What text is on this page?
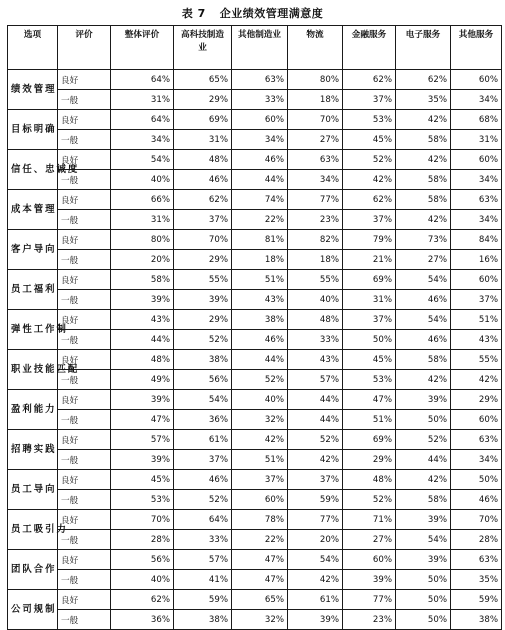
表 7 企业绩效管理满意度
选项	评价	整体评价	高科技制造业	其他制造业	物流	金融服务	电子服务	其他服务
绩效管理	良好	64%	65%	63%	80%	62%	62%	60%
	一般	31%	29%	33%	18%	37%	35%	34%
目标明确	良好	64%	69%	60%	70%	53%	42%	68%
	一般	34%	31%	34%	27%	45%	58%	31%
信任、忠诚度	良好	54%	48%	46%	63%	52%	42%	60%
	一般	40%	46%	44%	34%	42%	58%	34%
成本管理	良好	66%	62%	74%	77%	62%	58%	63%
	一般	31%	37%	22%	23%	37%	42%	34%
客户导向	良好	80%	70%	81%	82%	79%	73%	84%
	一般	20%	29%	18%	18%	21%	27%	16%
员工福利	良好	58%	55%	51%	55%	69%	54%	60%
	一般	39%	39%	43%	40%	31%	46%	37%
弹性工作制	良好	43%	29%	38%	48%	37%	54%	51%
	一般	44%	52%	46%	33%	50%	46%	43%
职业技能匹配	良好	48%	38%	44%	43%	45%	58%	55%
	一般	49%	56%	52%	57%	53%	42%	42%
盈利能力	良好	39%	54%	40%	44%	47%	39%	29%
	一般	47%	36%	32%	44%	51%	50%	60%
招聘实践	良好	57%	61%	42%	52%	69%	52%	63%
	一般	39%	37%	51%	42%	29%	44%	34%
员工导向	良好	45%	46%	37%	37%	48%	42%	50%
	一般	53%	52%	60%	59%	52%	58%	46%
员工吸引力	良好	70%	64%	78%	77%	71%	39%	70%
	一般	28%	33%	22%	20%	27%	54%	28%
团队合作	良好	56%	57%	47%	54%	60%	39%	63%
	一般	40%	41%	47%	42%	39%	50%	35%
公司规制	良好	62%	59%	65%	61%	77%	50%	59%
	一般	36%	38%	32%	39%	23%	50%	38%
